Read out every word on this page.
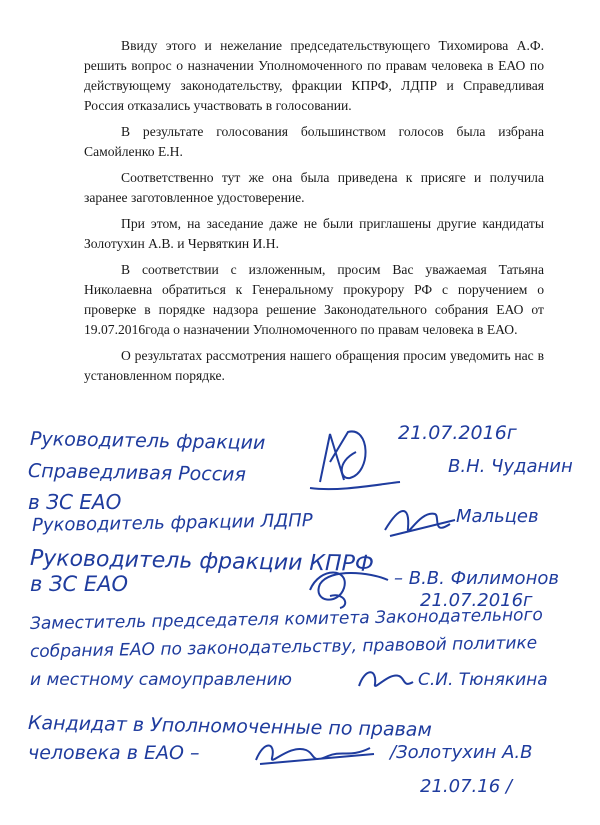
Ввиду этого и нежелание председательствующего Тихомирова А.Ф. решить вопрос о назначении Уполномоченного по правам человека в ЕАО по действующему законодательству, фракции КПРФ, ЛДПР и Справедливая Россия отказались участвовать в голосовании.

В результате голосования большинством голосов была избрана Самойленко Е.Н.

Соответственно тут же она была приведена к присяге и получила заранее заготовленное удостоверение.

При этом, на заседание даже не были приглашены другие кандидаты Золотухин А.В. и Червяткин И.Н.

В соответствии с изложенным, просим Вас уважаемая Татьяна Николаевна обратиться к Генеральному прокурору РФ с поручением о проверке в порядке надзора решение Законодательного собрания ЕАО от 19.07.2016года о назначении Уполномоченного по правам человека в ЕАО.

О результатах рассмотрения нашего обращения просим уведомить нас в установленном порядке.

Руководитель фракции	21.07.2016г
Справедливая Россия	В.Н. Чуданин
в ЗС ЕАО
Руководитель фракции ЛДПР	Мальцев
Руководитель фракции КПРФ
в ЗС ЕАО	– В.В. Филимонов
21.07.2016г
Заместитель председателя комитета Законодательного
собрания ЕАО по законодательству, правовой политике
и местному самоуправлению	С.И. Тюнякина
Кандидат в Уполномоченные по правам
человека в ЕАО –	/Золотухин А.В
21.07.16 /
